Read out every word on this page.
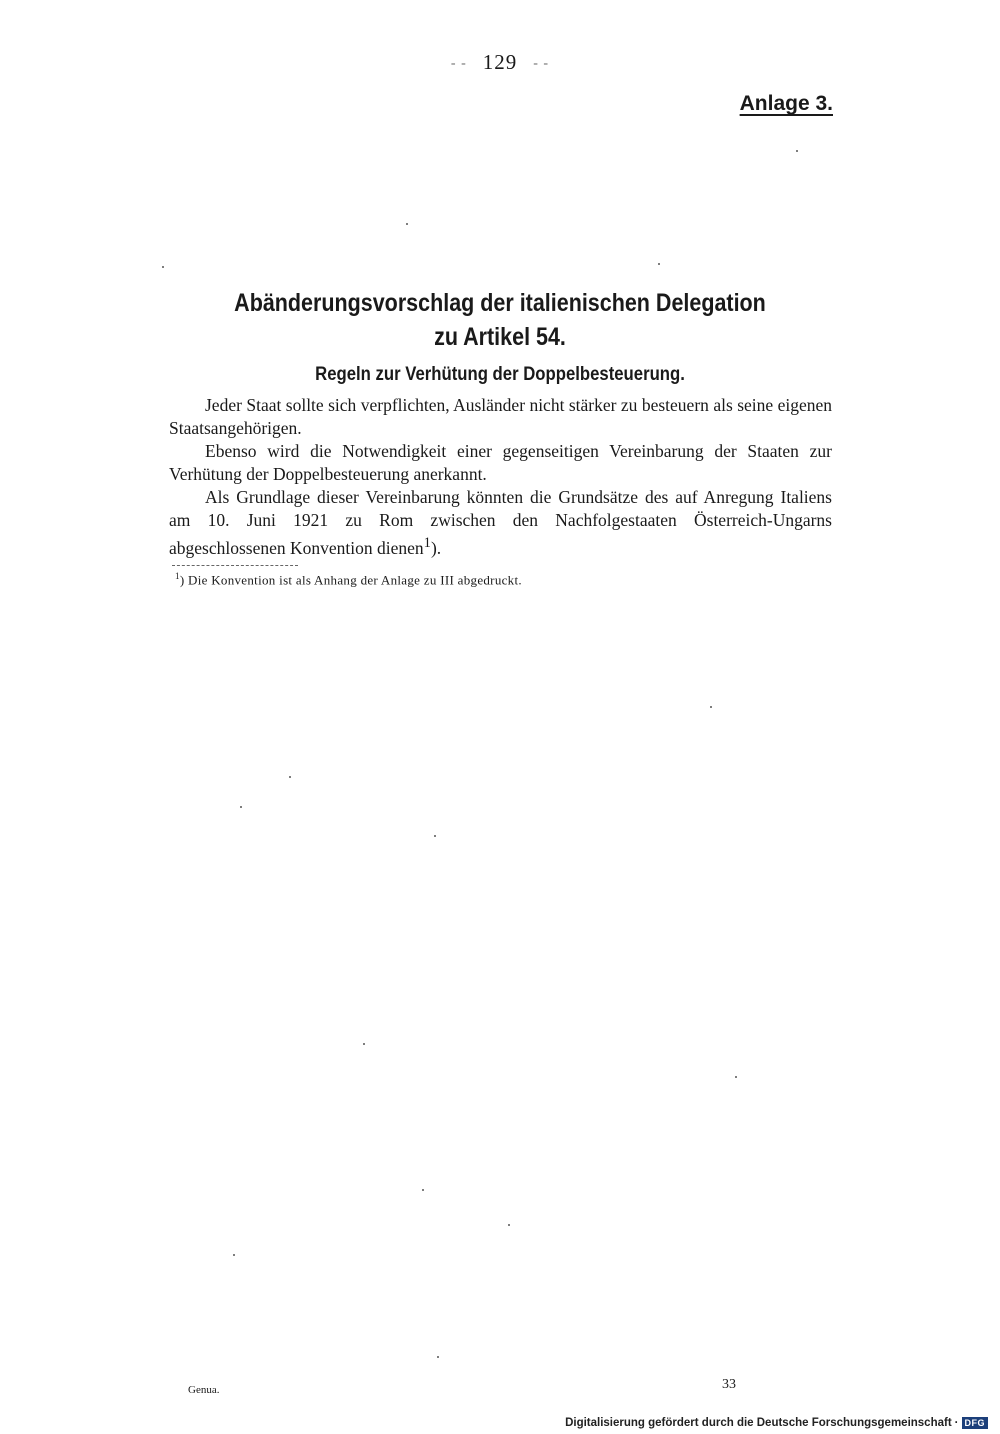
- - 129 - -
Anlage 3.
Abänderungsvorschlag der italienischen Delegation
zu Artikel 54.
Regeln zur Verhütung der Doppelbesteuerung.

Jeder Staat sollte sich verpflichten, Ausländer nicht stärker zu besteuern als seine eigenen Staatsangehörigen.

Ebenso wird die Notwendigkeit einer gegenseitigen Vereinbarung der Staaten zur Verhütung der Doppelbesteuerung anerkannt.

Als Grundlage dieser Vereinbarung könnten die Grundsätze des auf Anregung Italiens am 10. Juni 1921 zu Rom zwischen den Nachfolgestaaten Österreich-Ungarns abgeschlossenen Konvention dienen$^1$).

$^1$) Die Konvention ist als Anhang der Anlage zu III abgedruckt.
Genua.	33
Digitalisierung gefördert durch die Deutsche Forschungsgemeinschaft · DFG
